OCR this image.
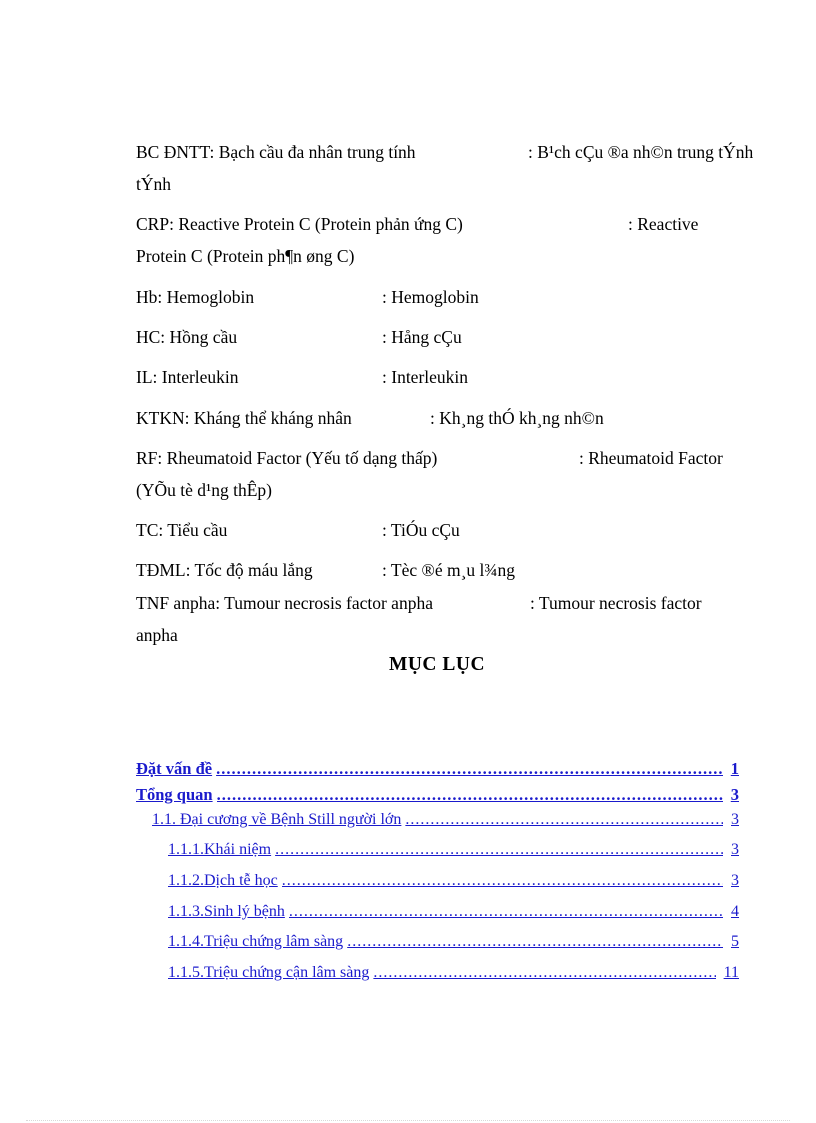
BC ĐNTT: Bạch cầu đa nhân trung tính	: B¹ch cÇu ®a nh©n trung tÝnh

tÝnh
CRP: Reactive Protein C (Protein phản ứng C)	: Reactive

Protein C (Protein ph¶n øng C)
Hb: Hemoglobin	: Hemoglobin
HC: Hồng cầu	: Hång cÇu
IL: Interleukin	: Interleukin
KTKN: Kháng thể kháng nhân	: Kh¸ng thÓ kh¸ng nh©n
RF: Rheumatoid Factor (Yếu tố dạng thấp)	: Rheumatoid Factor

(YÕu tè d¹ng thÊp)
TC: Tiểu cầu	: TiÓu cÇu
TĐML: Tốc độ máu lắng	: Tèc ®é m¸u l¾ng
TNF anpha: Tumour necrosis factor anpha	: Tumour necrosis factor

anpha
MỤC LỤC
Đặt vấn đề .....	1
Tổng quan .....	3
1.1. Đại cương về Bệnh Still người lớn .....	3
1.1.1.Khái niệm .....	3
1.1.2.Dịch tễ học .....	3
1.1.3.Sinh lý bệnh .....	4
1.1.4.Triệu chứng lâm sàng .....	5
1.1.5.Triệu chứng cận lâm sàng .....	11
